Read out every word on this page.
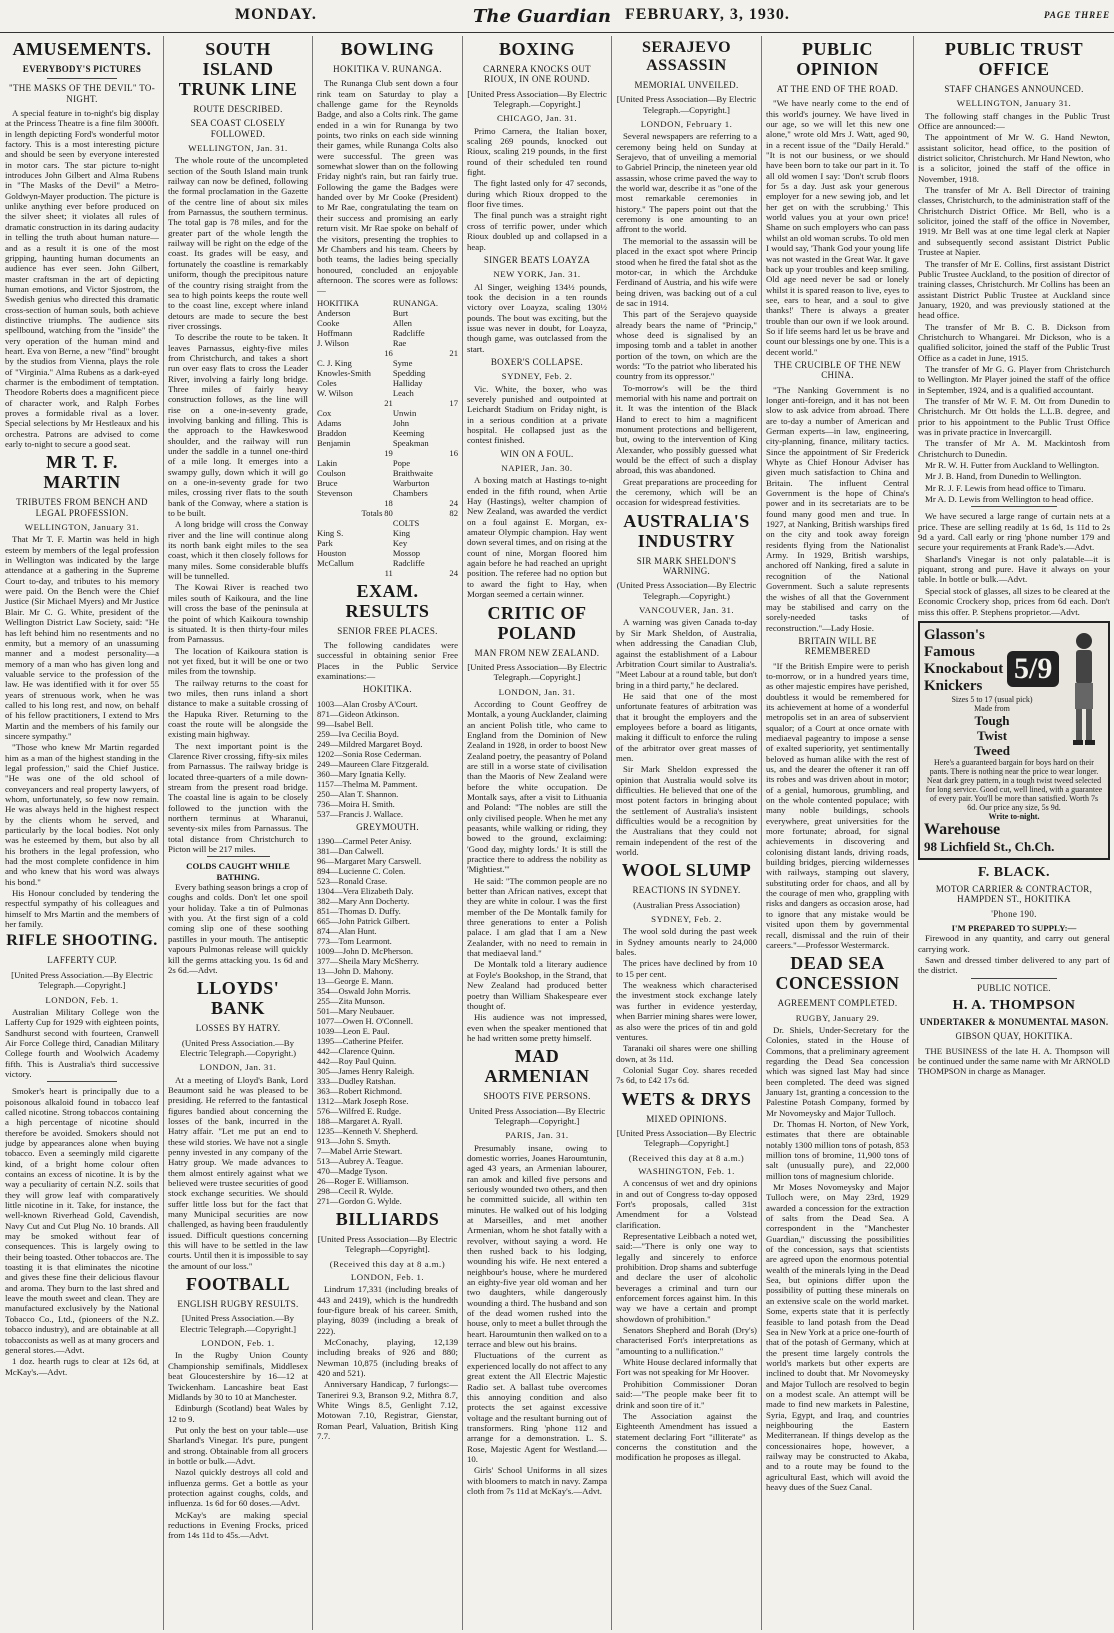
MONDAY.	The Guardian FEBRUARY, 3, 1930.	PAGE THREE
AMUSEMENTS.
EVERYBODY'S PICTURES
"THE MASKS OF THE DEVIL" TO-NIGHT.

A special feature in to-night's big display at the Princess Theatre is a fine film 3000ft. in length depicting Ford's wonderful motor factory. This is a most interesting picture and should be seen by everyone interested in motor cars. The star picture to-night introduces John Gilbert and Alma Rubens in "The Masks of the Devil" a Metro-Goldwyn-Mayer production. The picture is unlike anything ever before produced on the silver sheet; it violates all rules of dramatic construction in its daring audacity in telling the truth about human nature—and as a result it is one of the most gripping, haunting human documents an audience has ever seen. John Gilbert, master craftsman in the art of depicting human emotions, and Victor Sjostrom, the Swedish genius who directed this dramatic cross-section of human souls, both achieve distinctive triumphs. The audience sits spellbound, watching from the "inside" the very operation of the human mind and heart. Eva von Berne, a new "find" brought by the studios from Vienna, plays the role of "Virginia." Alma Rubens as a dark-eyed charmer is the embodiment of temptation. Theodore Roberts does a magnificent piece of character work, and Ralph Forbes proves a formidable rival as a lover. Special selections by Mr Hestleaux and his orchestra. Patrons are advised to come early to-night to secure a good seat.

MR T. F. MARTIN
TRIBUTES FROM BENCH AND LEGAL PROFESSION.
WELLINGTON, January 31.

That Mr T. F. Martin was held in high esteem by members of the legal profession in Wellington was indicated by the large attendance at a gathering in the Supreme Court to-day, and tributes to his memory were paid. On the Bench were the Chief Justice (Sir Michael Myers) and Mr Justice Blair. Mr C. G. White, president of the Wellington District Law Society, said: "He has left behind him no resentments and no enmity, but a memory of an unassuming manner and a modest personality—a memory of a man who has given long and valuable service to the profession of the law. He was identified with it for over 55 years of strenuous work, when he was called to his long rest, and now, on behalf of his fellow practitioners, I extend to Mrs Martin and the members of his family our sincere sympathy."

"Those who knew Mr Martin regarded him as a man of the highest standing in the legal profession," said the Chief Justice. "He was one of the old school of conveyancers and real property lawyers, of whom, unfortunately, so few now remain. He was always held in the highest respect by the clients whom he served, and particularly by the local bodies. Not only was he esteemed by them, but also by all his brothers in the legal profession, who had the most complete confidence in him and who knew that his word was always his bond."

His Honour concluded by tendering the respectful sympathy of his colleagues and himself to Mrs Martin and the members of her family.

RIFLE SHOOTING.
LAFFERTY CUP.
[United Press Association.—By Electric Telegraph.—Copyright.]
LONDON, Feb. 1.

Australian Military College won the Lafferty Cup for 1929 with eighteen points, Sandhurst second with fourteen, Cranwell Air Force College third, Canadian Military College fourth and Woolwich Academy fifth. This is Australia's third successive victory.

Smoker's heart is principally due to a poisonous alkaloid found in tobacco leaf called nicotine. Strong tobaccos containing a high percentage of nicotine should therefore be avoided. Smokers should not judge by appearances alone when buying tobacco. Even a seemingly mild cigarette kind, of a bright home colour often contains an excess of nicotine. It is by the way a peculiarity of certain N.Z. soils that they will grow leaf with comparatively little nicotine in it. Take, for instance, the well-known Riverhead Gold, Cavendish, Navy Cut and Cut Plug No. 10 brands. All may be smoked without fear of consequences. This is largely owing to their being toasted. Other tobaccos are. The toasting it is that eliminates the nicotine and gives these fine their delicious flavour and aroma. They burn to the last shred and leave the mouth sweet and clean. They are manufactured exclusively by the National Tobacco Co., Ltd., (pioneers of the N.Z. tobacco industry), and are obtainable at all tobacconists as well as at many grocers and general stores.—Advt.

1 doz. hearth rugs to clear at 12s 6d, at McKay's.—Advt.

SOUTH ISLAND TRUNK LINE
ROUTE DESCRIBED.
SEA COAST CLOSELY FOLLOWED.
WELLINGTON, Jan. 31.

The whole route of the uncompleted section of the South Island main trunk railway can now be defined, following the formal proclamation in the Gazette of the centre line of about six miles from Parnassus, the southern terminus. The total gap is 78 miles, and for the greater part of the whole length the railway will be right on the edge of the coast. Its grades will be easy, and fortunately the coastline is remarkably uniform, though the precipitous nature of the country rising straight from the sea to high points keeps the route well to the coast line, except where inland detours are made to secure the best river crossings.

To describe the route to be taken. It leaves Parnassus, eighty-five miles from Christchurch, and takes a short run over easy flats to cross the Leader River, involving a fairly long bridge. Three miles of fairly heavy construction follows, as the line will rise on a one-in-seventy grade, involving banking and filling. This is the approach to the Hawkeswood shoulder, and the railway will run under the saddle in a tunnel one-third of a mile long. It emerges into a swampy gully, down which it will go on a one-in-seventy grade for two miles, crossing river flats to the south bank of the Conway, where a station is to be built.

A long bridge will cross the Conway river and the line will continue along its north bank eight miles to the sea coast, which it then closely follows for many miles. Some considerable bluffs will be tunnelled.

The Kowai River is reached two miles south of Kaikoura, and the line will cross the base of the peninsula at the point of which Kaikoura township is situated. It is then thirty-four miles from Parnassus.

The location of Kaikoura station is not yet fixed, but it will be one or two miles from the township.

The railway returns to the coast for two miles, then runs inland a short distance to make a suitable crossing of the Hapuka River. Returning to the coast the route will be alongside the existing main highway.

The next important point is the Clarence River crossing, fifty-six miles from Parnassus. The railway bridge is located three-quarters of a mile down-stream from the present road bridge. The coastal line is again to be closely followed to the junction with the northern terminus at Wharanui, seventy-six miles from Parnassus. The total distance from Christchurch to Picton will be 217 miles.

COLDS CAUGHT WHILE BATHING.

Every bathing season brings a crop of coughs and colds. Don't let one spoil your holiday. Take a tin of Pulmonas with you. At the first sign of a cold coming slip one of these soothing pastilles in your mouth. The antiseptic vapours Pulmonas release will quickly kill the germs attacking you. 1s 6d and 2s 6d.—Advt.

LLOYDS' BANK
LOSSES BY HATRY.
(United Press Association.—By Electric Telegraph.—Copyright.)
LONDON, Jan. 31.

At a meeting of Lloyd's Bank, Lord Beaumont said he was pleased to be presiding. He referred to the fantastical figures bandied about concerning the losses of the bank, incurred in the Hatry affair. "Let me put an end to these wild stories. We have not a single penny invested in any company of the Hatry group. We made advances to them almost entirely against what we believed were trustee securities of good stock exchange securities. We should suffer little loss but for the fact that many Municipal securities are now challenged, as having been fraudulently issued. Difficult questions concerning this will have to be settled in the law courts. Until then it is impossible to say the amount of our loss."

FOOTBALL
ENGLISH RUGBY RESULTS.
[United Press Association.—By Electric Telegraph.—Copyright.]
LONDON, Feb. 1.

In the Rugby Union County Championship semifinals, Middlesex beat Gloucestershire by 16—12 at Twickenham. Lancashire beat East Midlands by 30 to 10 at Manchester.

Edinburgh (Scotland) beat Wales by 12 to 9.

Put only the best on your table—use Sharland's Vinegar. It's pure, pungent and strong. Obtainable from all grocers in bottle or bulk.—Advt.

Nazol quickly destroys all cold and influenza germs. Get a bottle as your protection against coughs, colds, and influenza. 1s 6d for 60 doses.—Advt.

McKay's are making special reductions in Evening Frocks, priced from 14s 11d to 45s.—Advt.

BOWLING
HOKITIKA V. RUNANGA.

The Runanga Club sent down a four rink team on Saturday to play a challenge game for the Reynolds Badge, and also a Colts rink. The game ended in a win for Runanga by two points, two rinks on each side winning their games, while Runanga Colts also were successful. The green was somewhat slower than on the following Friday night's rain, but ran fairly true. Following the game the Badges were handed over by Mr Cooke (President) to Mr Rae, congratulating the team on their success and promising an early return visit. Mr Rae spoke on behalf of the visitors, presenting the trophies to Mr Chambers and his team. Cheers by both teams, the ladies being specially honoured, concluded an enjoyable afternoon. The scores were as follows:—

HOKITIKA		RUNANGA.	
Anderson		Burt	
Cooke		Allen	
Hoffmann		Radcliffe	
J. Wilson		Rae	
	16		21
C. J. King		Syme	
Knowles-Smith		Spedding	
Coles		Halliday	
W. Wilson		Leach	
	21		17
Cox		Unwin	
Adams		John	
Braddon		Keeming	
Benjamin		Speakman	
	19		16
Lakin		Pope	
Coulson		Braithwaite	
Bruce		Warburton	
Stevenson		Chambers	
	18		24
Totals	80		82
		COLTS	
King S.		King	
Park		Key	
Houston		Mossop	
McCallum		Radcliffe	
	11		24
EXAM. RESULTS
SENIOR FREE PLACES.

The following candidates were successful in obtaining senior Free Places in the Public Service examinations:—

HOKITIKA.
1003—Alan Crosby A'Court.
871—Gideon Atkinson.
99—Isabel Bell.
259—Iva Cecilia Boyd.
249—Mildred Margaret Boyd.
1202—Sonia Rose Cederman.
249—Maureen Clare Fitzgerald.
360—Mary Ignatia Kelly.
1157—Thelma M. Pamment.
250—Alan T. Shannon.
736—Moira H. Smith.
537—Francis J. Wallace.
GREYMOUTH.
1390—Carmel Peter Anisy.
381—Dan Calwell.
96—Margaret Mary Carswell.
894—Lucienne C. Colen.
523—Ronald Crase.
1304—Vera Elizabeth Daly.
382—Mary Ann Docherty.
851—Thomas D. Duffy.
665—John Patrick Gilbert.
874—Alan Hunt.
773—Tom Learmont.
1009—John D. McPherson.
377—Sheila Mary McSherry.
13—John D. Mahony.
13—George E. Mann.
354—Oswald John Morris.
255—Zita Munson.
501—Mary Neubauer.
1077—Owen H. O'Connell.
1039—Leon E. Paul.
1395—Catherine Pfeifer.
442—Clarence Quinn.
442—Roy Paul Quinn.
305—James Henry Raleigh.
333—Dudley Ratshan.
363—Robert Richmond.
1312—Mark Joseph Rose.
576—Wilfred E. Rudge.
188—Margaret A. Ryall.
1235—Kenneth V. Shepherd.
913—John S. Smyth.
7—Mabel Arrie Stewart.
513—Aubrey A. Teague.
470—Madge Tyson.
26—Roger E. Williamson.
298—Cecil R. Wylde.
271—Gordon G. Wylde.
BILLIARDS
[United Press Association—By Electric Telegraph—Copyright].
(Received this day at 8 a.m.)
LONDON, Feb. 1.

Lindrum 17,331 (including breaks of 443 and 2419), which is the hundredth four-figure break of his career. Smith, playing, 8039 (including a break of 222).

McConachy, playing, 12,139 including breaks of 926 and 880; Newman 10,875 (including breaks of 420 and 521).

Anniversary Handicap, 7 furlongs:—Tanerirei 9.3, Branson 9.2, Mithra 8.7, White Wings 8.5, Genlight 7.12, Motowan 7.10, Registrar, Gienstar, Roman Pearl, Valuation, British King 7.7.

BOXING
CARNERA KNOCKS OUT RIOUX, IN ONE ROUND.
[United Press Association—By Electric Telegraph.—Copyright.]
CHICAGO, Jan. 31.

Primo Carnera, the Italian boxer, scaling 269 pounds, knocked out Rioux, scaling 219 pounds, in the first round of their scheduled ten round fight.

The fight lasted only for 47 seconds, during which Rioux dropped to the floor five times.

The final punch was a straight right cross of terrific power, under which Rioux doubled up and collapsed in a heap.

SINGER BEATS LOAYZA
NEW YORK, Jan. 31.

Al Singer, weighing 134½ pounds, took the decision in a ten rounds victory over Loayza, scaling 130½ pounds. The bout was exciting, but the issue was never in doubt, for Loayza, though game, was outclassed from the start.

BOXER'S COLLAPSE.
SYDNEY, Feb. 2.

Vic. White, the boxer, who was severely punished and outpointed at Leichardt Stadium on Friday night, is in a serious condition at a private hospital. He collapsed just as the contest finished.

WIN ON A FOUL.
NAPIER, Jan. 30.

A boxing match at Hastings to-night ended in the fifth round, when Artie Hay (Hastings), welter champion of New Zealand, was awarded the verdict on a foul against E. Morgan, ex-amateur Olympic champion. Hay went down several times, and on rising at the count of nine, Morgan floored him again before he had reached an upright position. The referee had no option but to award the fight to Hay, when Morgan seemed a certain winner.

CRITIC OF POLAND
MAN FROM NEW ZEALAND.
[United Press Association—By Electric Telegraph.—Copyright.]
LONDON, Jan. 31.

According to Count Geoffrey de Montalk, a young Aucklander, claiming an ancient Polish title, who came to England from the Dominion of New Zealand in 1928, in order to boost New Zealand poetry, the peasantry of Poland are still in a worse state of civilisation than the Maoris of New Zealand were before the white occupation. De Montalk says, after a visit to Lithuania and Poland: "The nobles are still the only civilised people. When he met any peasants, while walking or riding, they bowed to the ground, exclaiming: 'Good day, mighty lords.' It is still the practice there to address the nobility as 'Mightiest.'"

He said: "The common people are no better than African natives, except that they are white in colour. I was the first member of the De Montalk family for three generations to enter a Polish palace. I am glad that I am a New Zealander, with no need to remain in that mediaeval land."

De Montalk told a literary audience at Foyle's Bookshop, in the Strand, that New Zealand had produced better poetry than William Shakespeare ever thought of.

His audience was not impressed, even when the speaker mentioned that he had written some pretty himself.

MAD ARMENIAN
SHOOTS FIVE PERSONS.
United Press Association—By Electric Telegraph—Copyright.]
PARIS, Jan. 31.

Presumably insane, owing to domestic worries, Joanes Haroumtunin, aged 43 years, an Armenian labourer, ran amok and killed five persons and seriously wounded two others, and then he committed suicide, all within ten minutes. He walked out of his lodging at Marseilles, and met another Armenian, whom he shot fatally with a revolver, without saying a word. He then rushed back to his lodging, wounding his wife. He next entered a neighbour's house, where he murdered an eighty-five year old woman and her two daughters, while dangerously wounding a third. The husband and son of the dead women rushed into the house, only to meet a bullet through the heart. Haroumtunin then walked on to a terrace and blew out his brains.

Fluctuations of the current as experienced locally do not affect to any great extent the All Electric Majestic Radio set. A ballast tube overcomes this annoying condition and also protects the set against excessive voltage and the resultant burning out of transformers. Ring 'phone 112 and arrange for a demonstration. L. S. Rose, Majestic Agent for Westland.—10.

Girls' School Uniforms in all sizes with bloomers to match in navy. Zampa cloth from 7s 11d at McKay's.—Advt.

SERAJEVO ASSASSIN
MEMORIAL UNVEILED.
[United Press Association—By Electric Telegraph.—Copyright.]
LONDON, February 1.

Several newspapers are referring to a ceremony being held on Sunday at Serajevo, that of unveiling a memorial to Gabriel Princip, the nineteen year old assassin, whose crime paved the way to the world war, describe it as "one of the most remarkable ceremonies in history." The papers point out that the ceremony is one amounting to an affront to the world.

The memorial to the assassin will be placed in the exact spot where Princip stood when he fired the fatal shot as the motor-car, in which the Archduke Ferdinand of Austria, and his wife were being driven, was backing out of a cul de sac in 1914.

This part of the Serajevo quayside already bears the name of "Princip," whose deed is signalised by an imposing tomb and a tablet in another portion of the town, on which are the words: "To the patriot who liberated his country from its oppressor."

To-morrow's will be the third memorial with his name and portrait on it. It was the intention of the Black Hand to erect to him a magnificent monument protections and belligerent, but, owing to the intervention of King Alexander, who possibly guessed what would be the effect of such a display abroad, this was abandoned.

Great preparations are proceeding for the ceremony, which will be an occasion for widespread festivities.

AUSTRALIA'S INDUSTRY
SIR MARK SHELDON'S WARNING.
(United Press Association—By Electric Telegraph.—Copyright.)
VANCOUVER, Jan. 31.

A warning was given Canada to-day by Sir Mark Sheldon, of Australia, when addressing the Canadian Club, against the establishment of a Labour Arbitration Court similar to Australia's. "Meet Labour at a round table, but don't bring in a third party," he declared.

He said that one of the most unfortunate features of arbitration was that it brought the employers and the employees before a board as litigants, making it difficult to enforce the ruling of the arbitrator over great masses of men.

Sir Mark Sheldon expressed the opinion that Australia would solve its difficulties. He believed that one of the most potent factors in bringing about the settlement of Australia's insistent difficulties would be a recognition by the Australians that they could not remain independent of the rest of the world.

WOOL SLUMP
REACTIONS IN SYDNEY.
(Australian Press Association)
SYDNEY, Feb. 2.

The wool sold during the past week in Sydney amounts nearly to 24,000 bales.

The prices have declined by from 10 to 15 per cent.

The weakness which characterised the investment stock exchange lately was further in evidence yesterday, when Barrier mining shares were lower, as also were the prices of tin and gold ventures.

Taranaki oil shares were one shilling down, at 3s 11d.

Colonial Sugar Coy. shares receded 7s 6d, to £42 17s 6d.

WETS & DRYS
MIXED OPINIONS.
[United Press Association—By Electric Telegraph—Copyright.]
(Received this day at 8 a.m.)
WASHINGTON, Feb. 1.

A concensus of wet and dry opinions in and out of Congress to-day opposed Fort's proposals, called 31st Amendment for a Volstead clarification.

Representative Leibbach a noted wet, said:—"There is only one way to legally and sincerely to enforce prohibition. Drop shams and subterfuge and declare the user of alcoholic beverages a criminal and turn our enforcement forces against him. In this way we have a certain and prompt showdown of prohibition."

Senators Shepherd and Borah (Dry's) characterised Fort's interpretations as "amounting to a nullification."

White House declared informally that Fort was not speaking for Mr Hoover.

Prohibition Commissioner Doran said:—"The people make beer fit to drink and soon tire of it."

The Association against the Eighteenth Amendment has issued a statement declaring Fort "illiterate" as concerns the constitution and the modification he proposes as illegal.

PUBLIC OPINION
AT THE END OF THE ROAD.

"We have nearly come to the end of this world's journey. We have lived in our age, so we will let this new one alone," wrote old Mrs J. Watt, aged 90, in a recent issue of the "Daily Herald." "It is not our business, or we should have been born to take our part in it. To all old women I say: 'Don't scrub floors for 5s a day. Just ask your generous employer for a new sewing job, and let her get on with the scrubbing.' This world values you at your own price! Shame on such employers who can pass whilst an old woman scrubs. To old men I would say, 'Thank God your young life was not wasted in the Great War. It gave back up your troubles and keep smiling. Old age need never be sad or lonely whilst it is spared reason to live, eyes to see, ears to hear, and a soul to give thanks!' There is always a greater trouble than our own if we look around. So if life seems hard let us be brave and count our blessings one by one. This is a decent world."

THE CRUCIBLE OF THE NEW CHINA.

"The Nanking Government is no longer anti-foreign, and it has not been slow to ask advice from abroad. There are to-day a number of American and German experts—in law, engineering, city-planning, finance, military tactics. Since the appointment of Sir Frederick Whyte as Chief Honour Adviser has given much satisfaction to China and Britain. The influent Central Government is the hope of China's power and in its secretariats are to be found many good men and true. In 1927, at Nanking, British warships fired on the city and took away foreign residents flying from the Nationalist Army. In 1929, British warships, anchored off Nanking, fired a salute in recognition of the National Government. Such a salute represents the wishes of all that the Government may be stabilised and carry on the sorely-needed tasks of reconstruction."—Lady Hosie.

BRITAIN WILL BE REMEMBERED

"If the British Empire were to perish to-morrow, or in a hundred years time, as other majestic empires have perished, doubtless it would be remembered for its achievement at home of a wonderful metropolis set in an area of subservient squalor; of a Court at once ornate with mediaeval pageantry to impose a sense of exalted superiority, yet sentimentally beloved as human alike with the rest of us, and the dearer the oftener it ran off its robes and was driven about in motor; of a genial, humorous, grumbling, and on the whole contented populace; with many noble buildings, schools everywhere, great universities for the more fortunate; abroad, for signal achievements in discovering and colonising distant lands, driving roads, building bridges, piercing wildernesses with railways, stamping out slavery, substituting order for chaos, and all by the courage of men who, grappling with risks and dangers as occasion arose, had to ignore that any mistake would be visited upon them by governmental recall, dismissal and the ruin of their careers."—Professor Westermarck.

DEAD SEA CONCESSION
AGREEMENT COMPLETED.
RUGBY, January 29.

Dr. Shiels, Under-Secretary for the Colonies, stated in the House of Commons, that a preliminary agreement regarding the Dead Sea concession which was signed last May had since been completed. The deed was signed January 1st, granting a concession to the Palestine Potash Company, formed by Mr Novomeysky and Major Tulloch.

Dr. Thomas H. Norton, of New York, estimates that there are obtainable notably 1300 million tons of potash, 853 million tons of bromine, 11,900 tons of salt (unusually pure), and 22,000 million tons of magnesium chloride.

Mr Moses Novomeysky and Major Tulloch were, on May 23rd, 1929 awarded a concession for the extraction of salts from the Dead Sea. A correspondent in the "Manchester Guardian," discussing the possibilities of the concession, says that scientists are agreed upon the enormous potential wealth of the minerals lying in the Dead Sea, but opinions differ upon the possibility of putting these minerals on an extensive scale on the world market. Some, experts state that it is perfectly feasible to land potash from the Dead Sea in New York at a price one-fourth of that of the potash of Germany, which at the present time largely controls the world's markets but other experts are inclined to doubt that. Mr Novomeysky and Major Tulloch are resolved to begin on a modest scale. An attempt will be made to find new markets in Palestine, Syria, Egypt, and Iraq, and countries neighbouring the Eastern Mediterranean. If things develop as the concessionaires hope, however, a railway may be constructed to Akaba, and to a route may be found to the agricultural East, which will avoid the heavy dues of the Suez Canal.

PUBLIC TRUST OFFICE
STAFF CHANGES ANNOUNCED.
WELLINGTON, January 31.

The following staff changes in the Public Trust Office are announced:—

The appointment of Mr W. G. Hand Newton, assistant solicitor, head office, to the position of district solicitor, Christchurch. Mr Hand Newton, who is a solicitor, joined the staff of the office in November, 1918.

The transfer of Mr A. Bell Director of training classes, Christchurch, to the administration staff of the Christchurch District Office. Mr Bell, who is a solicitor, joined the staff of the office in November, 1919. Mr Bell was at one time legal clerk at Napier and subsequently second assistant District Public Trustee at Napier.

The transfer of Mr E. Collins, first assistant District Public Trustee Auckland, to the position of director of training classes, Christchurch. Mr Collins has been an assistant District Public Trustee at Auckland since January, 1920, and was previously stationed at the head office.

The transfer of Mr B. C. B. Dickson from Christchurch to Whangarei. Mr Dickson, who is a qualified solicitor, joined the staff of the Public Trust Office as a cadet in June, 1915.

The transfer of Mr G. G. Player from Christchurch to Wellington. Mr Player joined the staff of the office in September, 1924, and is a qualified accountant.

The transfer of Mr W. F. M. Ott from Dunedin to Christchurch. Mr Ott holds the L.L.B. degree, and prior to his appointment to the Public Trust Office was in private practice in Invercargill.

The transfer of Mr A. M. Mackintosh from Christchurch to Dunedin.

Mr R. W. H. Futter from Auckland to Wellington.

Mr J. B. Hand, from Dunedin to Wellington.

Mr R. J. F. Lewis from head office to Timaru.

Mr A. D. Lewis from Wellington to head office.

We have secured a large range of curtain nets at a price. These are selling readily at 1s 6d, 1s 11d to 2s 9d a yard. Call early or ring 'phone number 179 and secure your requirements at Frank Rade's.—Advt.

Sharland's Vinegar is not only palatable—it is piquant, strong and pure. Have it always on your table. In bottle or bulk.—Advt.

Special stock of glasses, all sizes to be cleared at the Economic Crockery shop, prices from 6d each. Don't miss this offer. P. Stephens proprietor.—Advt.

Glasson's
Famous
Knockabout
Knickers
5/9
Sizes 5 to 17 (usual pick)
Made from
Tough
Twist
Tweed
Here's a guaranteed bargain for boys hard on their pants. There is nothing near the price to wear longer. Neat dark grey pattern, in a tough twist tweed selected for long service. Good cut, well lined, with a guarantee of every pair. You'll be more than satisfied. Worth 7s 6d. Our price any size, 5s 9d.
Write to-night.
Warehouse
98 Lichfield St., Ch.Ch.
F. BLACK.
MOTOR CARRIER & CONTRACTOR, HAMPDEN ST., HOKITIKA
'Phone 190.
I'M PREPARED TO SUPPLY:—

Firewood in any quantity, and carry out general carrying work.

Sawn and dressed timber delivered to any part of the district.

PUBLIC NOTICE.
H. A. THOMPSON
UNDERTAKER & MONUMENTAL MASON.
GIBSON QUAY, HOKITIKA.

THE BUSINESS of the late H. A. Thompson will be continued under the same name with Mr ARNOLD THOMPSON in charge as Manager.
